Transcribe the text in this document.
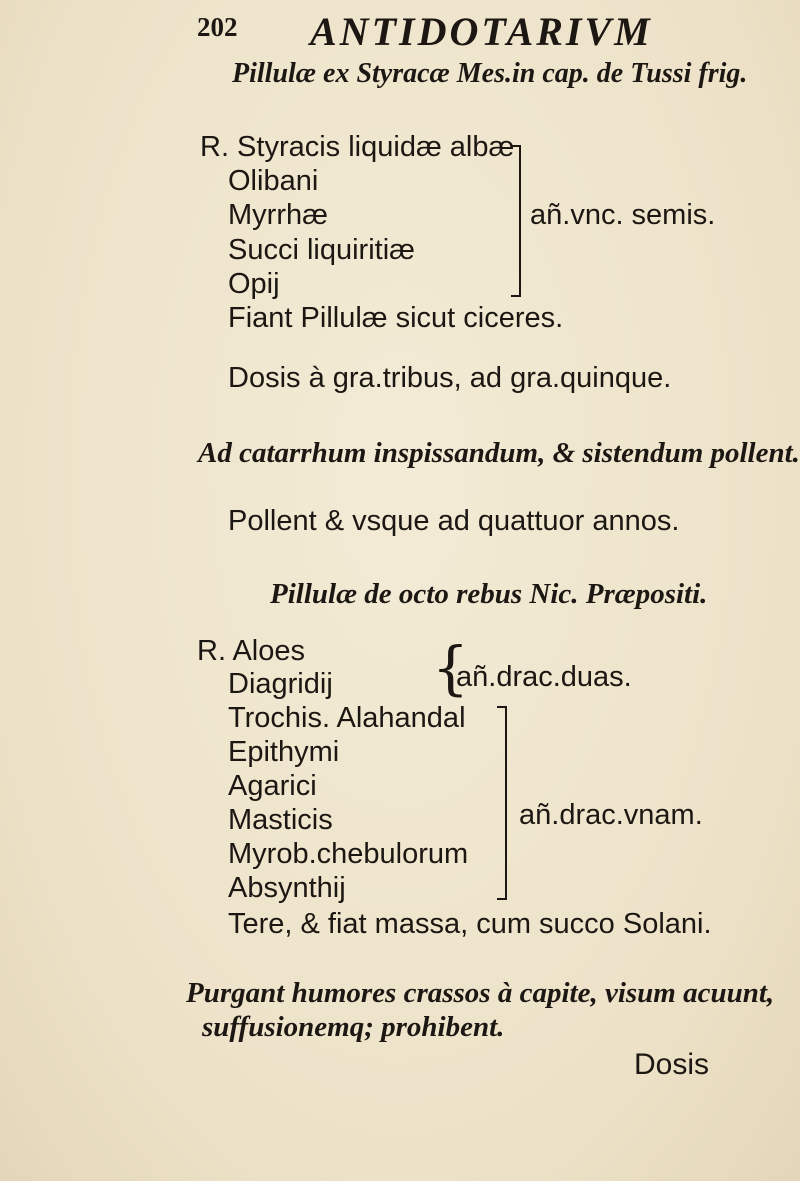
202 ANTIDOTARIVM
Pillulæ ex Styracæ Mes.in cap. de Tussi frig.
R. Styracis liquidæ albæ
Olibani
Myrrhæ
Succi liquiritiæ
Opij
añ.vnc. semis.
Fiant Pillulæ sicut ciceres.
Dosis à gra.tribus, ad gra.quinque.
Ad catarrhum inspissandum, & sistendum pollent.
Pollent & vsque ad quattuor annos.
Pillulæ de octo rebus Nic. Præpositi.
R. Aloes
Diagridij {
añ.drac.duas.
Trochis. Alahandal
Epithymi
Agarici
Masticis
Myrob.chebulorum
Absynthij
añ.drac.vnam.
Tere, & fiat massa, cum succo Solani.
Purgant humores crassos à capite, visum acuunt,
suffusionemq; prohibent.
Dosis
